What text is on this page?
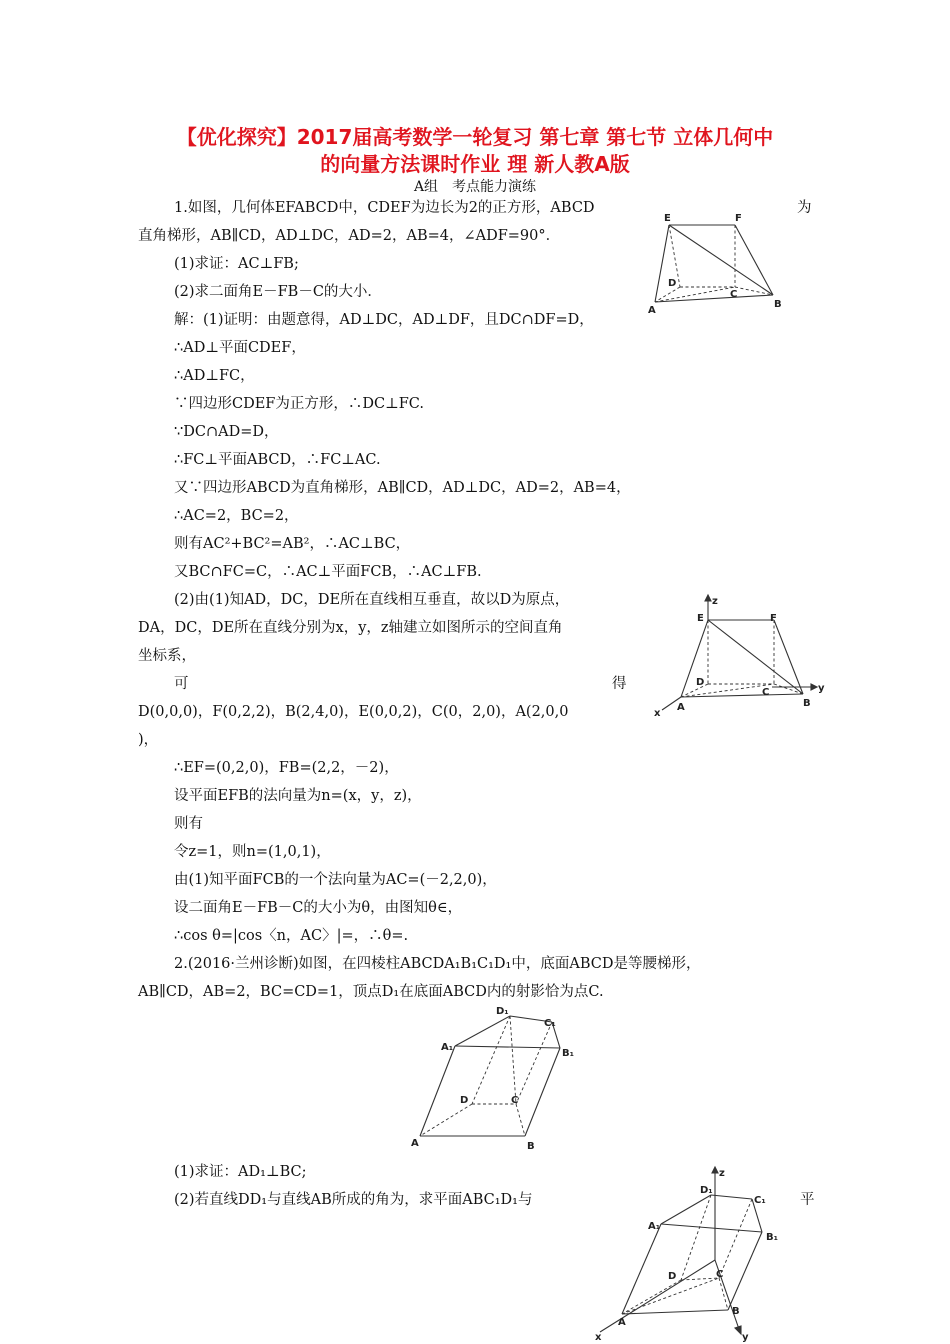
【优化探究】2017届高考数学一轮复习 第七章 第七节 立体几何中
的向量方法课时作业 理 新人教A版
A组　考点能力演练
1.如图，几何体EFABCD中，CDEF为边长为2的正方形，ABCD	为
直角梯形，AB∥CD，AD⊥DC，AD=2，AB=4，∠ADF=90°．
(1)求证：AC⊥FB;
(2)求二面角E－FB－C的大小．
解：(1)证明：由题意得，AD⊥DC，AD⊥DF，且DC∩DF=D，
∴AD⊥平面CDEF，
∴AD⊥FC，
∵四边形CDEF为正方形，∴DC⊥FC.
∵DC∩AD=D，
∴FC⊥平面ABCD，∴FC⊥AC.
又∵四边形ABCD为直角梯形，AB∥CD，AD⊥DC，AD=2，AB=4，
∴AC=2，BC=2，
则有AC²+BC²=AB²，∴AC⊥BC，
又BC∩FC=C，∴AC⊥平面FCB，∴AC⊥FB.
(2)由(1)知AD，DC，DE所在直线相互垂直，故以D为原点，
DA，DC，DE所在直线分别为x，y，z轴建立如图所示的空间直角
坐标系，
可	得
D(0,0,0)，F(0,2,2)，B(2,4,0)，E(0,0,2)，C(0，2,0)，A(2,0,0
)，
∴EF=(0,2,0)，FB=(2,2，－2)，
设平面EFB的法向量为n=(x，y，z)，
则有
令z=1，则n=(1,0,1)，
由(1)知平面FCB的一个法向量为AC=(－2,2,0)，
设二面角E－FB－C的大小为θ，由图知θ∈，
∴cos θ=|cos〈n，AC〉|=，∴θ=.
2.(2016·兰州诊断)如图，在四棱柱ABCDA₁B₁C₁D₁中，底面ABCD是等腰梯形，
AB∥CD，AB=2，BC=CD=1，顶点D₁在底面ABCD内的射影恰为点C.
(1)求证：AD₁⊥BC;
(2)若直线DD₁与直线AB所成的角为，求平面ABC₁D₁与	平
E	F
D
C
A
B
z
E	F
D
C	y
x
A	B
D₁
C₁
A₁
B₁
D	C
A	B
z
D₁
C₁
A₁
B₁
D	C
A
B
x	y
